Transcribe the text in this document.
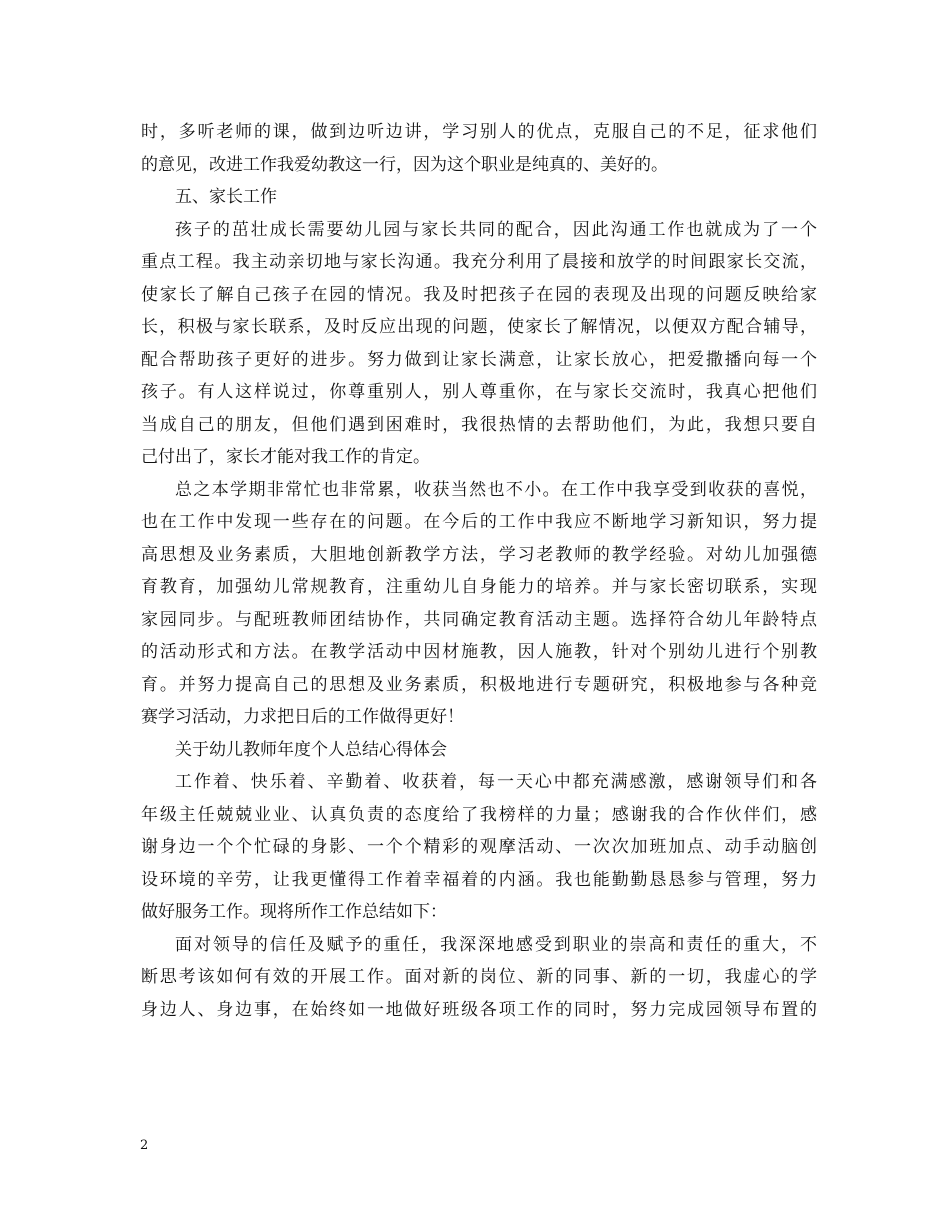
时，多听老师的课，做到边听边讲，学习别人的优点，克服自己的不足，征求他们
的意见，改进工作我爱幼教这一行，因为这个职业是纯真的、美好的。
五、家长工作
孩子的茁壮成长需要幼儿园与家长共同的配合，因此沟通工作也就成为了一个
重点工程。我主动亲切地与家长沟通。我充分利用了晨接和放学的时间跟家长交流，
使家长了解自己孩子在园的情况。我及时把孩子在园的表现及出现的问题反映给家
长，积极与家长联系，及时反应出现的问题，使家长了解情况，以便双方配合辅导，
配合帮助孩子更好的进步。努力做到让家长满意，让家长放心，把爱撒播向每一个
孩子。有人这样说过，你尊重别人，别人尊重你，在与家长交流时，我真心把他们
当成自己的朋友，但他们遇到困难时，我很热情的去帮助他们，为此，我想只要自
己付出了，家长才能对我工作的肯定。
总之本学期非常忙也非常累，收获当然也不小。在工作中我享受到收获的喜悦，
也在工作中发现一些存在的问题。在今后的工作中我应不断地学习新知识，努力提
高思想及业务素质，大胆地创新教学方法，学习老教师的教学经验。对幼儿加强德
育教育，加强幼儿常规教育，注重幼儿自身能力的培养。并与家长密切联系，实现
家园同步。与配班教师团结协作，共同确定教育活动主题。选择符合幼儿年龄特点
的活动形式和方法。在教学活动中因材施教，因人施教，针对个别幼儿进行个别教
育。并努力提高自己的思想及业务素质，积极地进行专题研究，积极地参与各种竞
赛学习活动，力求把日后的工作做得更好！
关于幼儿教师年度个人总结心得体会
工作着、快乐着、辛勤着、收获着，每一天心中都充满感激，感谢领导们和各
年级主任兢兢业业、认真负责的态度给了我榜样的力量；感谢我的合作伙伴们，感
谢身边一个个忙碌的身影、一个个精彩的观摩活动、一次次加班加点、动手动脑创
设环境的辛劳，让我更懂得工作着幸福着的内涵。我也能勤勤恳恳参与管理，努力
做好服务工作。现将所作工作总结如下：
面对领导的信任及赋予的重任，我深深地感受到职业的崇高和责任的重大，不
断思考该如何有效的开展工作。面对新的岗位、新的同事、新的一切，我虚心的学
身边人、身边事，在始终如一地做好班级各项工作的同时，努力完成园领导布置的
2
